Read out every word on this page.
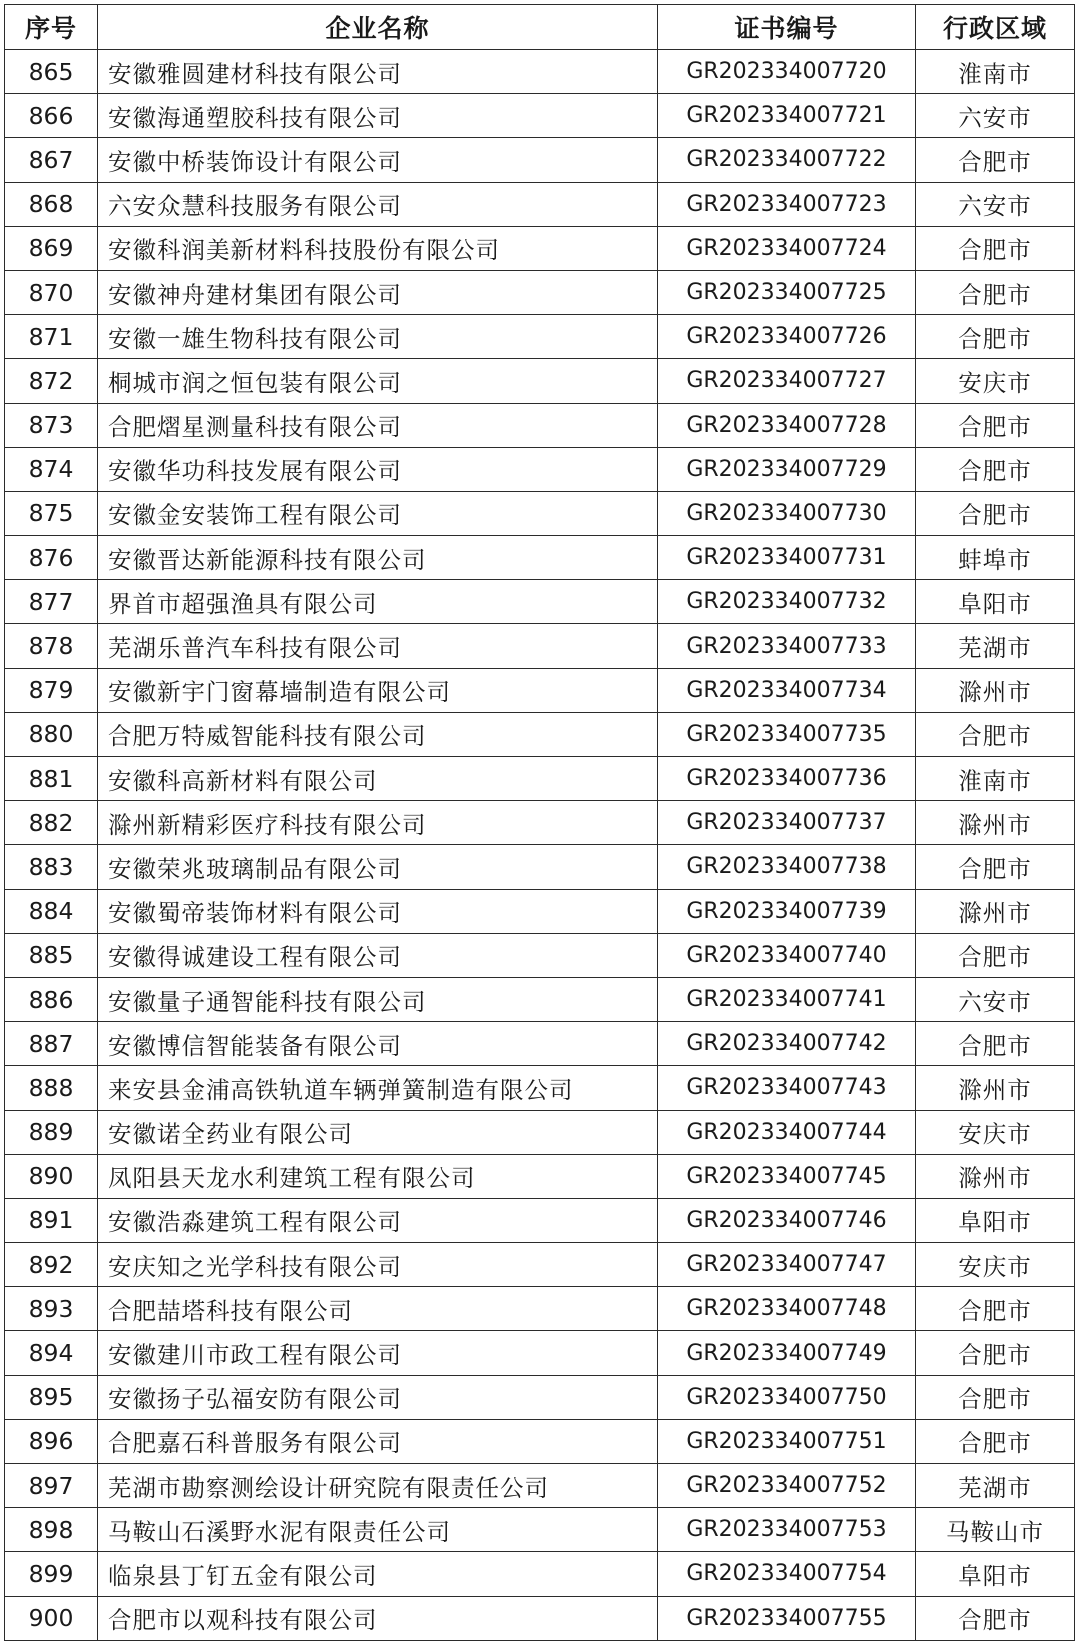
序号	企业名称	证书编号	行政区域
865	安徽雅圆建材科技有限公司	GR202334007720	淮南市
866	安徽海通塑胶科技有限公司	GR202334007721	六安市
867	安徽中桥装饰设计有限公司	GR202334007722	合肥市
868	六安众慧科技服务有限公司	GR202334007723	六安市
869	安徽科润美新材料科技股份有限公司	GR202334007724	合肥市
870	安徽神舟建材集团有限公司	GR202334007725	合肥市
871	安徽一雄生物科技有限公司	GR202334007726	合肥市
872	桐城市润之恒包装有限公司	GR202334007727	安庆市
873	合肥熠星测量科技有限公司	GR202334007728	合肥市
874	安徽华功科技发展有限公司	GR202334007729	合肥市
875	安徽金安装饰工程有限公司	GR202334007730	合肥市
876	安徽晋达新能源科技有限公司	GR202334007731	蚌埠市
877	界首市超强渔具有限公司	GR202334007732	阜阳市
878	芜湖乐普汽车科技有限公司	GR202334007733	芜湖市
879	安徽新宇门窗幕墙制造有限公司	GR202334007734	滁州市
880	合肥万特威智能科技有限公司	GR202334007735	合肥市
881	安徽科高新材料有限公司	GR202334007736	淮南市
882	滁州新精彩医疗科技有限公司	GR202334007737	滁州市
883	安徽荣兆玻璃制品有限公司	GR202334007738	合肥市
884	安徽蜀帝装饰材料有限公司	GR202334007739	滁州市
885	安徽得诚建设工程有限公司	GR202334007740	合肥市
886	安徽量子通智能科技有限公司	GR202334007741	六安市
887	安徽博信智能装备有限公司	GR202334007742	合肥市
888	来安县金浦高铁轨道车辆弹簧制造有限公司	GR202334007743	滁州市
889	安徽诺全药业有限公司	GR202334007744	安庆市
890	凤阳县天龙水利建筑工程有限公司	GR202334007745	滁州市
891	安徽浩淼建筑工程有限公司	GR202334007746	阜阳市
892	安庆知之光学科技有限公司	GR202334007747	安庆市
893	合肥喆塔科技有限公司	GR202334007748	合肥市
894	安徽建川市政工程有限公司	GR202334007749	合肥市
895	安徽扬子弘福安防有限公司	GR202334007750	合肥市
896	合肥嘉石科普服务有限公司	GR202334007751	合肥市
897	芜湖市勘察测绘设计研究院有限责任公司	GR202334007752	芜湖市
898	马鞍山石溪野水泥有限责任公司	GR202334007753	马鞍山市
899	临泉县丁钉五金有限公司	GR202334007754	阜阳市
900	合肥市以观科技有限公司	GR202334007755	合肥市
